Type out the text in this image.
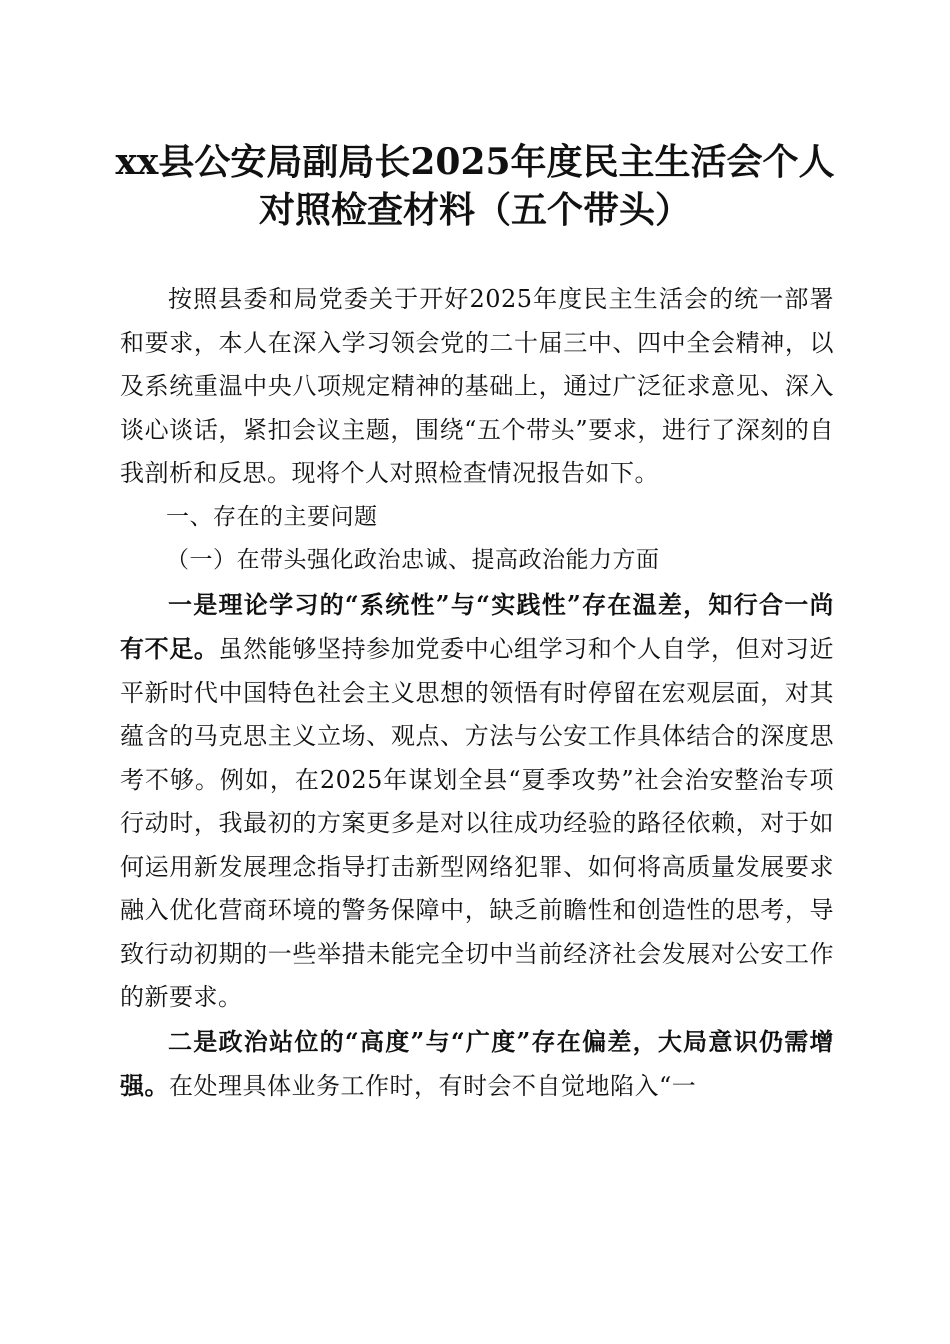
xx县公安局副局长2025年度民主生活会个人
对照检查材料（五个带头）

按照县委和局党委关于开好2025年度民主生活会的统一部署和要求，本人在深入学习领会党的二十届三中、四中全会精神，以及系统重温中央八项规定精神的基础上，通过广泛征求意见、深入谈心谈话，紧扣会议主题，围绕“五个带头”要求，进行了深刻的自我剖析和反思。现将个人对照检查情况报告如下。

一、存在的主要问题

（一）在带头强化政治忠诚、提高政治能力方面

一是理论学习的“系统性”与“实践性”存在温差，知行合一尚有不足。虽然能够坚持参加党委中心组学习和个人自学，但对习近平新时代中国特色社会主义思想的领悟有时停留在宏观层面，对其蕴含的马克思主义立场、观点、方法与公安工作具体结合的深度思考不够。例如，在2025年谋划全县“夏季攻势”社会治安整治专项行动时，我最初的方案更多是对以往成功经验的路径依赖，对于如何运用新发展理念指导打击新型网络犯罪、如何将高质量发展要求融入优化营商环境的警务保障中，缺乏前瞻性和创造性的思考，导致行动初期的一些举措未能完全切中当前经济社会发展对公安工作的新要求。

二是政治站位的“高度”与“广度”存在偏差，大局意识仍需增强。在处理具体业务工作时，有时会不自觉地陷入“一
